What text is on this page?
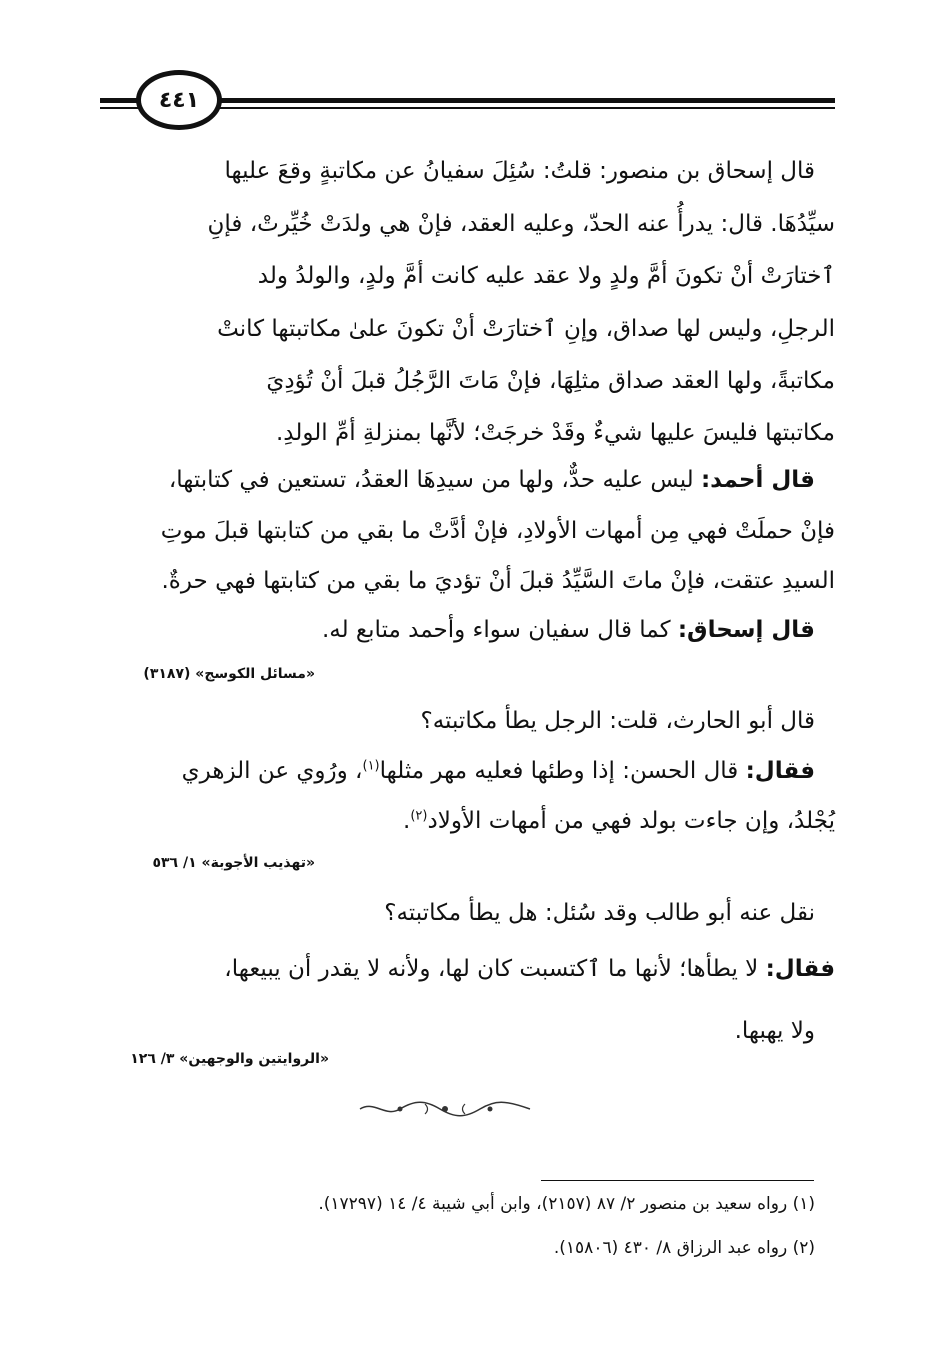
٤٤١
قال إسحاق بن منصور: قلتُ: سُئِلَ سفيانُ عن مكاتبةٍ وقعَ عليها
سيِّدُهَا. قال: يدرأُ عنه الحدّ، وعليه العقد، فإنْ هي ولدَتْ خُيِّرتْ، فإنِ
ٱختارَتْ أنْ تكونَ أمَّ ولدٍ ولا عقد عليه كانت أمَّ ولدٍ، والولدُ ولد
الرجلِ، وليس لها صداق، وإنِ ٱختارَتْ أنْ تكونَ علىٰ مكاتبتها كانتْ
مكاتبةً، ولها العقد صداق مثلِهَا، فإنْ مَاتَ الرَّجُلُ قبلَ أنْ تُؤدِيَ
مكاتبتها فليسَ عليها شيءٌ وقَدْ خرجَتْ؛ لأنَّها بمنزلةِ أمِّ الولدِ.
قال أحمد: ليس عليه حدٌّ، ولها من سيدِهَا العقدُ، تستعين في كتابتها،
فإنْ حملَتْ فهي مِن أمهات الأولادِ، فإنْ أدَّتْ ما بقي من كتابتها قبلَ موتِ
السيدِ عتقت، فإنْ ماتَ السَّيِّدُ قبلَ أنْ تؤديَ ما بقي من كتابتها فهي حرةٌ.
قال إسحاق: كما قال سفيان سواء وأحمد متابع له.
«مسائل الكوسج» (٣١٨٧)
قال أبو الحارث، قلت: الرجل يطأ مكاتبته؟
فقال: قال الحسن: إذا وطئها فعليه مهر مثلها$^{(١)}$، ورُوي عن الزهري
يُجْلدُ، وإن جاءت بولد فهي من أمهات الأولاد$^{(٢)}$.
«تهذيب الأجوبة» ١/ ٥٣٦
نقل عنه أبو طالب وقد سُئل: هل يطأ مكاتبته؟
فقال: لا يطأها؛ لأنها ما ٱكتسبت كان لها، ولأنه لا يقدر أن يبيعها،
ولا يهبها.
«الروايتين والوجهين» ٣/ ١٢٦
(١) رواه سعيد بن منصور ٢/ ٨٧ (٢١٥٧)، وابن أبي شيبة ٤/ ١٤ (١٧٢٩٧).
(٢) رواه عبد الرزاق ٨/ ٤٣٠ (١٥٨٠٦).
